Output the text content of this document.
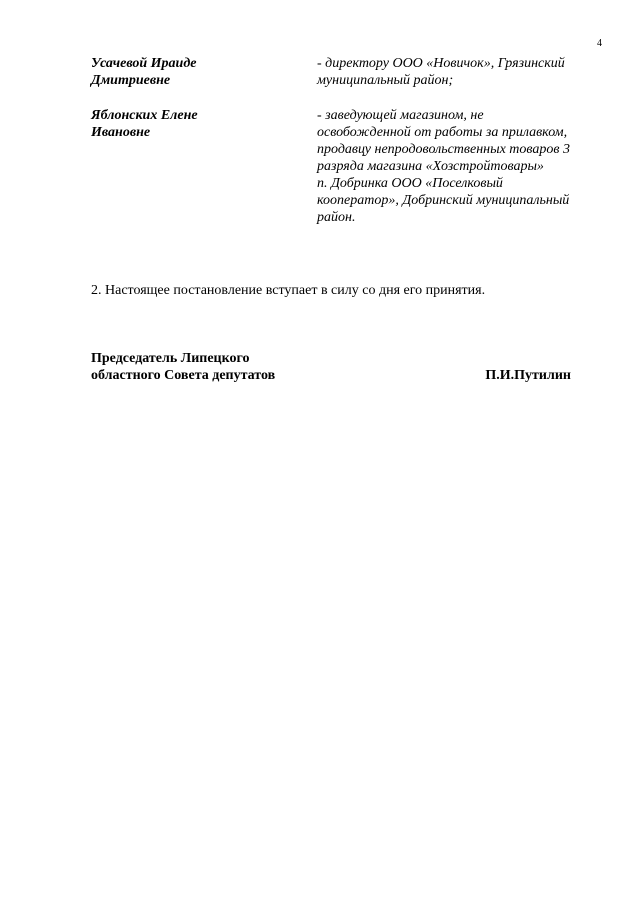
4
Усачевой Ираиде
Дмитриевне
- директору ООО «Новичок», Грязинский
муниципальный район;
Яблонских Елене
Ивановне
- заведующей магазином, не
освобожденной от работы за прилавком,
продавцу непродовольственных товаров 3
разряда магазина «Хозстройтовары»
п. Добринка ООО «Поселковый
кооператор», Добринский муниципальный
район.
2. Настоящее постановление вступает в силу со дня его принятия.
Председатель Липецкого
областного Совета депутатов	П.И.Путилин
